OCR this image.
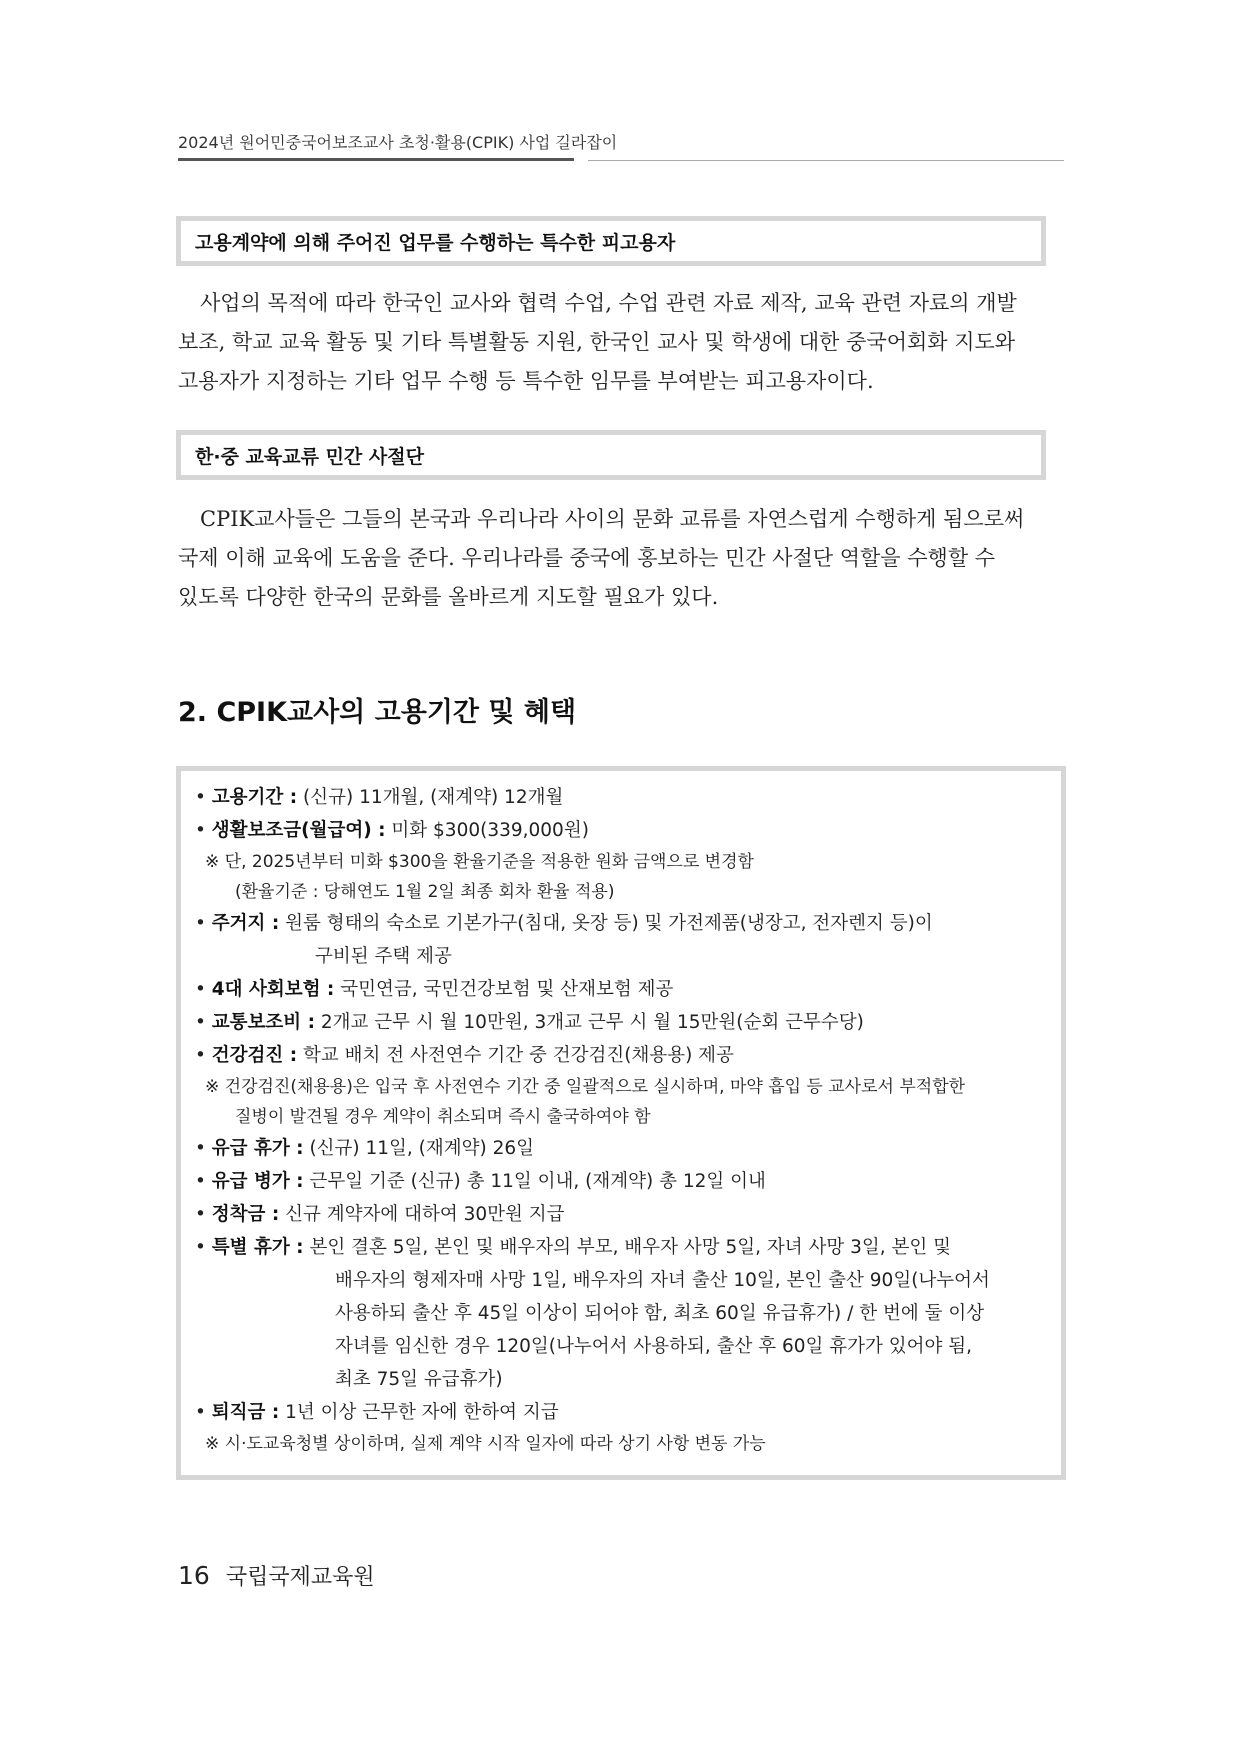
2024년 원어민중국어보조교사 초청·활용(CPIK) 사업 길라잡이
고용계약에 의해 주어진 업무를 수행하는 특수한 피고용자
사업의 목적에 따라 한국인 교사와 협력 수업, 수업 관련 자료 제작, 교육 관련 자료의 개발
보조, 학교 교육 활동 및 기타 특별활동 지원, 한국인 교사 및 학생에 대한 중국어회화 지도와
고용자가 지정하는 기타 업무 수행 등 특수한 임무를 부여받는 피고용자이다.
한·중 교육교류 민간 사절단
CPIK교사들은 그들의 본국과 우리나라 사이의 문화 교류를 자연스럽게 수행하게 됨으로써
국제 이해 교육에 도움을 준다. 우리나라를 중국에 홍보하는 민간 사절단 역할을 수행할 수
있도록 다양한 한국의 문화를 올바르게 지도할 필요가 있다.
2. CPIK교사의 고용기간 및 혜택
• 고용기간 : (신규) 11개월, (재계약) 12개월
• 생활보조금(월급여) : 미화 $300(339,000원)
※ 단, 2025년부터 미화 $300을 환율기준을 적용한 원화 금액으로 변경함
(환율기준 : 당해연도 1월 2일 최종 회차 환율 적용)
• 주거지 : 원룸 형태의 숙소로 기본가구(침대, 옷장 등) 및 가전제품(냉장고, 전자렌지 등)이
구비된 주택 제공
• 4대 사회보험 : 국민연금, 국민건강보험 및 산재보험 제공
• 교통보조비 : 2개교 근무 시 월 10만원, 3개교 근무 시 월 15만원(순회 근무수당)
• 건강검진 : 학교 배치 전 사전연수 기간 중 건강검진(채용용) 제공
※ 건강검진(채용용)은 입국 후 사전연수 기간 중 일괄적으로 실시하며, 마약 흡입 등 교사로서 부적합한
질병이 발견될 경우 계약이 취소되며 즉시 출국하여야 함
• 유급 휴가 : (신규) 11일, (재계약) 26일
• 유급 병가 : 근무일 기준 (신규) 총 11일 이내, (재계약) 총 12일 이내
• 정착금 : 신규 계약자에 대하여 30만원 지급
• 특별 휴가 : 본인 결혼 5일, 본인 및 배우자의 부모, 배우자 사망 5일, 자녀 사망 3일, 본인 및
배우자의 형제자매 사망 1일, 배우자의 자녀 출산 10일, 본인 출산 90일(나누어서
사용하되 출산 후 45일 이상이 되어야 함, 최초 60일 유급휴가) / 한 번에 둘 이상
자녀를 임신한 경우 120일(나누어서 사용하되, 출산 후 60일 휴가가 있어야 됨,
최초 75일 유급휴가)
• 퇴직금 : 1년 이상 근무한 자에 한하여 지급
※ 시·도교육청별 상이하며, 실제 계약 시작 일자에 따라 상기 사항 변동 가능
16 국립국제교육원
